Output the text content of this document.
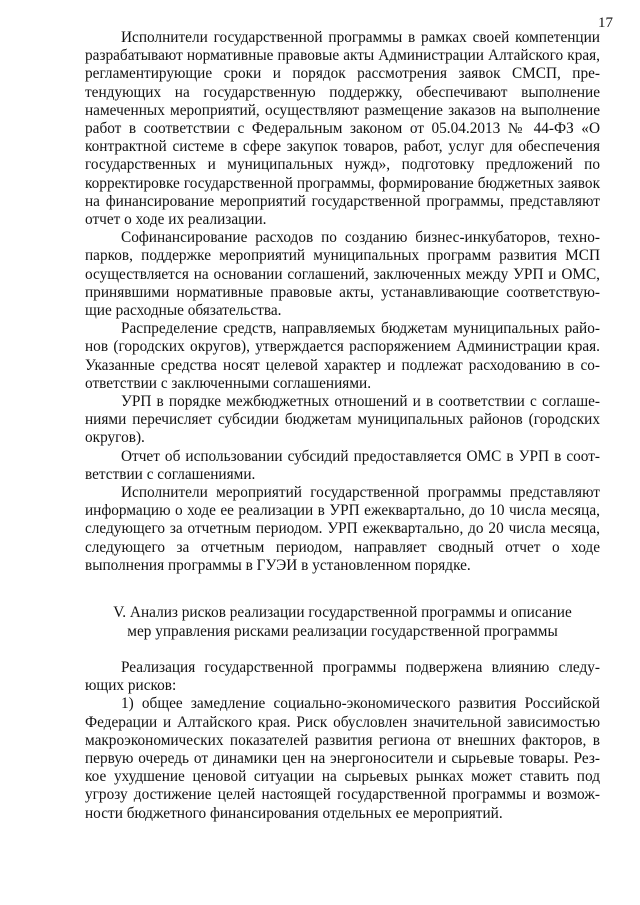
17

Исполнители государственной программы в рамках своей компетенции разрабатывают нормативные правовые акты Администрации Алтайского края, регламентирующие сроки и порядок рассмотрения заявок СМСП, претендующих на государственную поддержку, обеспечивают выполнение намеченных мероприятий, осуществляют размещение заказов на выполнение работ в соответствии с Федеральным законом от 05.04.2013 № 44-ФЗ «О контрактной системе в сфере закупок товаров, работ, услуг для обеспечения государственных и муниципальных нужд», подготовку предложений по корректировке государственной программы, формирование бюджетных заявок на финансирование мероприятий государственной программы, представляют отчет о ходе их реализации.

Софинансирование расходов по созданию бизнес-инкубаторов, технопарков, поддержке мероприятий муниципальных программ развития МСП осуществляется на основании соглашений, заключенных между УРП и ОМС, принявшими нормативные правовые акты, устанавливающие соответствующие расходные обязательства.

Распределение средств, направляемых бюджетам муниципальных районов (городских округов), утверждается распоряжением Администрации края. Указанные средства носят целевой характер и подлежат расходованию в соответствии с заключенными соглашениями.

УРП в порядке межбюджетных отношений и в соответствии с соглашениями перечисляет субсидии бюджетам муниципальных районов (городских округов).

Отчет об использовании субсидий предоставляется ОМС в УРП в соответствии с соглашениями.

Исполнители мероприятий государственной программы представляют информацию о ходе ее реализации в УРП ежеквартально, до 10 числа месяца, следующего за отчетным периодом. УРП ежеквартально, до 20 числа месяца, следующего за отчетным периодом, направляет сводный отчет о ходе выполнения программы в ГУЭИ в установленном порядке.

V. Анализ рисков реализации государственной программы и описание
мер управления рисками реализации государственной программы

Реализация государственной программы подвержена влиянию следующих рисков:

1) общее замедление социально-экономического развития Российской Федерации и Алтайского края. Риск обусловлен значительной зависимостью макроэкономических показателей развития региона от внешних факторов, в первую очередь от динамики цен на энергоносители и сырьевые товары. Резкое ухудшение ценовой ситуации на сырьевых рынках может ставить под угрозу достижение целей настоящей государственной программы и возможности бюджетного финансирования отдельных ее мероприятий.
